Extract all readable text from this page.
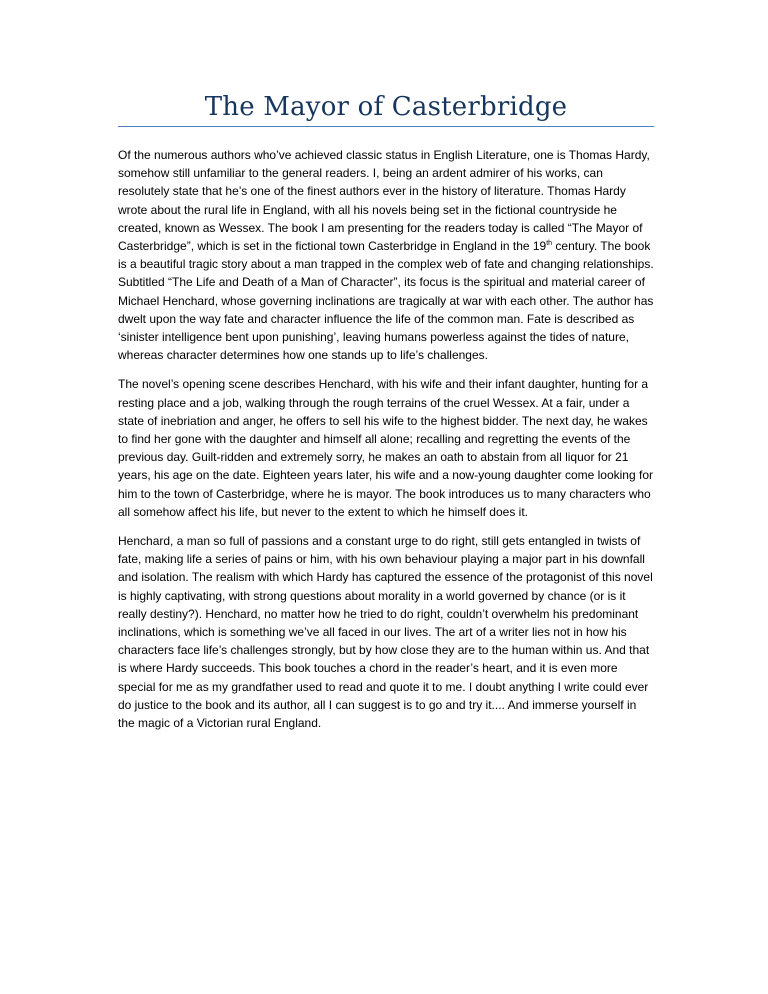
The Mayor of Casterbridge

Of the numerous authors who’ve achieved classic status in English Literature, one is Thomas Hardy, somehow still unfamiliar to the general readers. I, being an ardent admirer of his works, can resolutely state that he’s one of the finest authors ever in the history of literature. Thomas Hardy wrote about the rural life in England, with all his novels being set in the fictional countryside he created, known as Wessex. The book I am presenting for the readers today is called “The Mayor of Casterbridge”, which is set in the fictional town Casterbridge in England in the 19th century. The book is a beautiful tragic story about a man trapped in the complex web of fate and changing relationships. Subtitled “The Life and Death of a Man of Character”, its focus is the spiritual and material career of Michael Henchard, whose governing inclinations are tragically at war with each other. The author has dwelt upon the way fate and character influence the life of the common man. Fate is described as ‘sinister intelligence bent upon punishing’, leaving humans powerless against the tides of nature, whereas character determines how one stands up to life’s challenges.

The novel’s opening scene describes Henchard, with his wife and their infant daughter, hunting for a resting place and a job, walking through the rough terrains of the cruel Wessex. At a fair, under a state of inebriation and anger, he offers to sell his wife to the highest bidder. The next day, he wakes to find her gone with the daughter and himself all alone; recalling and regretting the events of the previous day. Guilt-ridden and extremely sorry, he makes an oath to abstain from all liquor for 21 years, his age on the date. Eighteen years later, his wife and a now-young daughter come looking for him to the town of Casterbridge, where he is mayor. The book introduces us to many characters who all somehow affect his life, but never to the extent to which he himself does it.

Henchard, a man so full of passions and a constant urge to do right, still gets entangled in twists of fate, making life a series of pains or him, with his own behaviour playing a major part in his downfall and isolation. The realism with which Hardy has captured the essence of the protagonist of this novel is highly captivating, with strong questions about morality in a world governed by chance (or is it really destiny?). Henchard, no matter how he tried to do right, couldn’t overwhelm his predominant inclinations, which is something we’ve all faced in our lives. The art of a writer lies not in how his characters face life’s challenges strongly, but by how close they are to the human within us. And that is where Hardy succeeds. This book touches a chord in the reader’s heart, and it is even more special for me as my grandfather used to read and quote it to me. I doubt anything I write could ever do justice to the book and its author, all I can suggest is to go and try it.... And immerse yourself in the magic of a Victorian rural England.
